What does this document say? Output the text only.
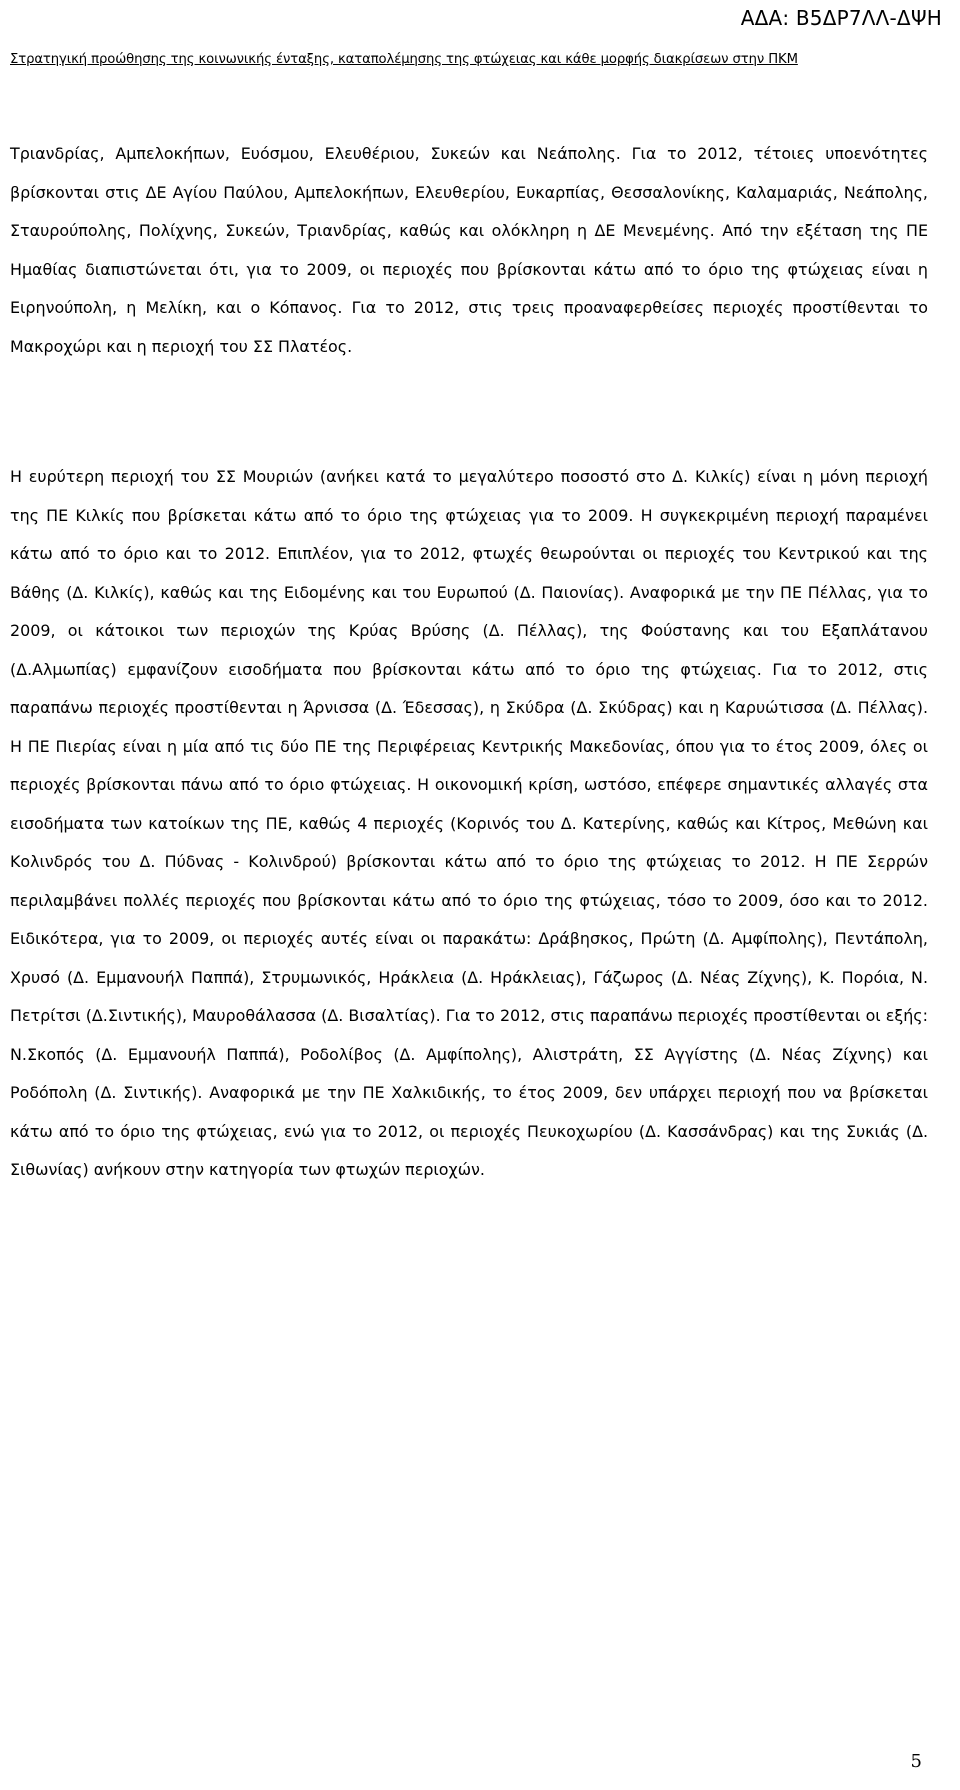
ΑΔΑ: Β5ΔΡ7ΛΛ-ΔΨΗ
Στρατηγική προώθησης της κοινωνικής ένταξης, καταπολέμησης της φτώχειας και κάθε μορφής διακρίσεων στην ΠΚΜ

Τριανδρίας, Αμπελοκήπων, Ευόσμου, Ελευθέριου, Συκεών και Νεάπολης. Για το 2012, τέτοιες υποενότητες βρίσκονται στις ΔΕ Αγίου Παύλου, Αμπελοκήπων, Ελευθερίου, Ευκαρπίας, Θεσσαλονίκης, Καλαμαριάς, Νεάπολης, Σταυρούπολης, Πολίχνης, Συκεών, Τριανδρίας, καθώς και ολόκληρη η ΔΕ Μενεμένης. Από την εξέταση της ΠΕ Ημαθίας διαπιστώνεται ότι, για το 2009, οι περιοχές που βρίσκονται κάτω από το όριο της φτώχειας είναι η Ειρηνούπολη, η Μελίκη, και ο Κόπανος. Για το 2012, στις τρεις προαναφερθείσες περιοχές προστίθενται το Μακροχώρι και η περιοχή του ΣΣ Πλατέος.

Η ευρύτερη περιοχή του ΣΣ Μουριών (ανήκει κατά το μεγαλύτερο ποσοστό στο Δ. Κιλκίς) είναι η μόνη περιοχή της ΠΕ Κιλκίς που βρίσκεται κάτω από το όριο της φτώχειας για το 2009. Η συγκεκριμένη περιοχή παραμένει κάτω από το όριο και το 2012. Επιπλέον, για το 2012, φτωχές θεωρούνται οι περιοχές του Κεντρικού και της Βάθης (Δ. Κιλκίς), καθώς και της Ειδομένης και του Ευρωπού (Δ. Παιονίας). Αναφορικά με την ΠΕ Πέλλας, για το 2009, οι κάτοικοι των περιοχών της Κρύας Βρύσης (Δ. Πέλλας), της Φούστανης και του Εξαπλάτανου (Δ.Αλμωπίας) εμφανίζουν εισοδήματα που βρίσκονται κάτω από το όριο της φτώχειας. Για το 2012, στις παραπάνω περιοχές προστίθενται η Άρνισσα (Δ. Έδεσσας), η Σκύδρα (Δ. Σκύδρας) και η Καρυώτισσα (Δ. Πέλλας). Η ΠΕ Πιερίας είναι η μία από τις δύο ΠΕ της Περιφέρειας Κεντρικής Μακεδονίας, όπου για το έτος 2009, όλες οι περιοχές βρίσκονται πάνω από το όριο φτώχειας. Η οικονομική κρίση, ωστόσο, επέφερε σημαντικές αλλαγές στα εισοδήματα των κατοίκων της ΠΕ, καθώς 4 περιοχές (Κορινός του Δ. Κατερίνης, καθώς και Κίτρος, Μεθώνη και Κολινδρός του Δ. Πύδνας - Κολινδρού) βρίσκονται κάτω από το όριο της φτώχειας το 2012. Η ΠΕ Σερρών περιλαμβάνει πολλές περιοχές που βρίσκονται κάτω από το όριο της φτώχειας, τόσο το 2009, όσο και το 2012. Ειδικότερα, για το 2009, οι περιοχές αυτές είναι οι παρακάτω: Δράβησκος, Πρώτη (Δ. Αμφίπολης), Πεντάπολη, Χρυσό (Δ. Εμμανουήλ Παππά), Στρυμωνικός, Ηράκλεια (Δ. Ηράκλειας), Γάζωρος (Δ. Νέας Ζίχνης), Κ. Πορόια, Ν. Πετρίτσι (Δ.Σιντικής), Μαυροθάλασσα (Δ. Βισαλτίας). Για το 2012, στις παραπάνω περιοχές προστίθενται οι εξής: Ν.Σκοπός (Δ. Εμμανουήλ Παππά), Ροδολίβος (Δ. Αμφίπολης), Αλιστράτη, ΣΣ Αγγίστης (Δ. Νέας Ζίχνης) και Ροδόπολη (Δ. Σιντικής). Αναφορικά με την ΠΕ Χαλκιδικής, το έτος 2009, δεν υπάρχει περιοχή που να βρίσκεται κάτω από το όριο της φτώχειας, ενώ για το 2012, οι περιοχές Πευκοχωρίου (Δ. Κασσάνδρας) και της Συκιάς (Δ. Σιθωνίας) ανήκουν στην κατηγορία των φτωχών περιοχών.

5
